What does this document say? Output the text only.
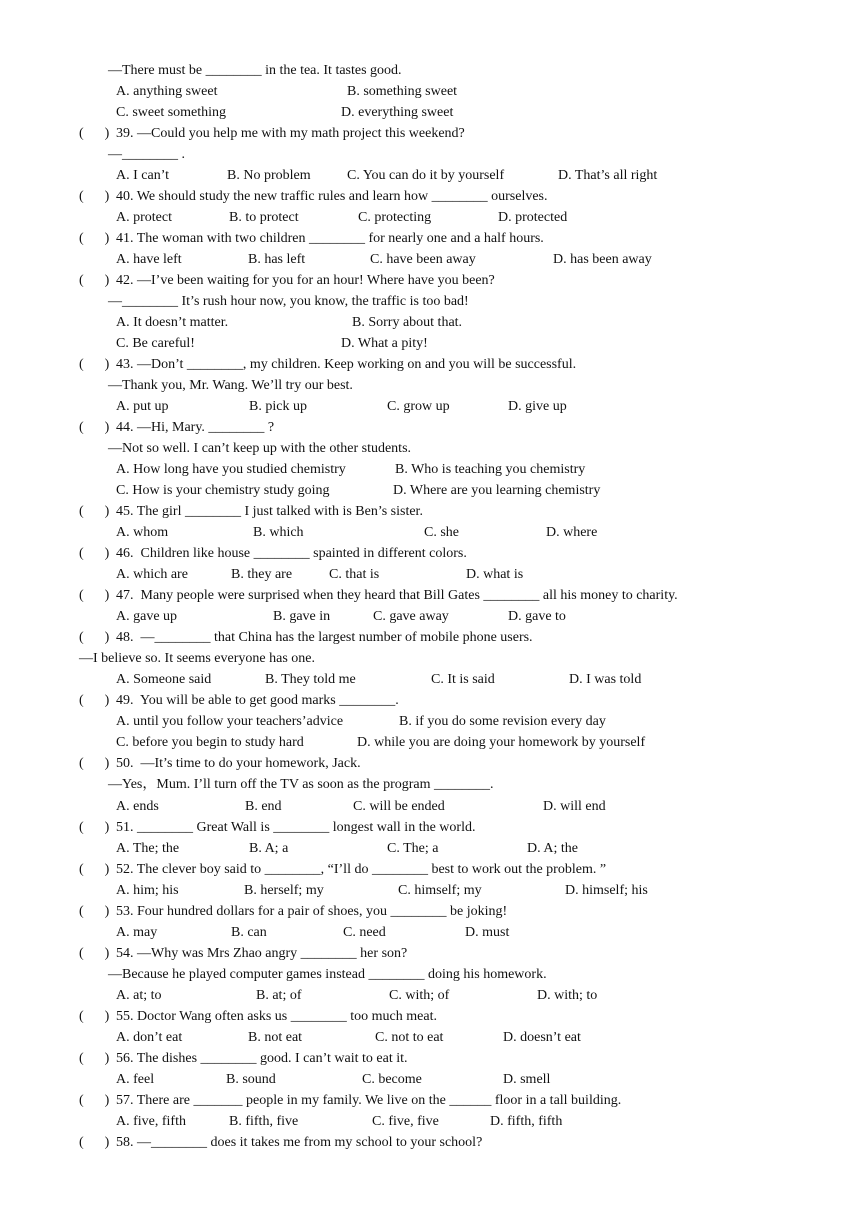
—There must be ________ in the tea. It tastes good.
A. anything sweet	B. something sweet
C. sweet something	D. everything sweet
(  ) 39. —Could you help me with my math project this weekend?
—________ .
A. I can’t	B. No problem	C. You can do it by yourself	D. That’s all right
(  ) 40. We should study the new traffic rules and learn how ________ ourselves.
A. protect	B. to protect	C. protecting	D. protected
(  ) 41. The woman with two children ________ for nearly one and a half hours.
A. have left	B. has left	C. have been away	D. has been away
(  ) 42. —I’ve been waiting for you for an hour! Where have you been?
—________ It’s rush hour now, you know, the traffic is too bad!
A. It doesn’t matter.	B. Sorry about that.
C. Be careful!	D. What a pity!
(  ) 43. —Don’t ________, my children. Keep working on and you will be successful.
—Thank you, Mr. Wang. We’ll try our best.
A. put up	B. pick up	C. grow up	D. give up
(  ) 44. —Hi, Mary. ________ ?
—Not so well. I can’t keep up with the other students.
A. How long have you studied chemistry	B. Who is teaching you chemistry
C. How is your chemistry study going	D. Where are you learning chemistry
(  ) 45. The girl ________ I just talked with is Ben’s sister.
A. whom	B. which	C. she	D. where
(  ) 46.  Children like house ________ spainted in different colors.
A. which are	B. they are	C. that is	D. what is
(  ) 47.  Many people were surprised when they heard that Bill Gates ________ all his money to charity.
A. gave up	B. gave in	C. gave away	D. gave to
(  ) 48.  —________ that China has the largest number of mobile phone users.
—I believe so. It seems everyone has one.
A. Someone said	B. They told me	C. It is said	D. I was told
(  ) 49.  You will be able to get good marks ________.
A. until you follow your teachers’advice	B. if you do some revision every day
C. before you begin to study hard	D. while you are doing your homework by yourself
(  ) 50.  —It’s time to do your homework, Jack.
—Yes，Mum. I’ll turn off the TV as soon as the program ________.
A. ends	B. end	C. will be ended	D. will end
(  ) 51. ________ Great Wall is ________ longest wall in the world.
A. The; the	B. A; a	C. The; a	D. A; the
(  ) 52. The clever boy said to ________, “I’ll do ________ best to work out the problem. ”
A. him; his	B. herself; my	C. himself; my	D. himself; his
(  ) 53. Four hundred dollars for a pair of shoes, you ________ be joking!
A. may	B. can	C. need	D. must
(  ) 54. —Why was Mrs Zhao angry ________ her son?
—Because he played computer games instead ________ doing his homework.
A. at; to	B. at; of	C. with; of	D. with; to
(  ) 55. Doctor Wang often asks us ________ too much meat.
A. don’t eat	B. not eat	C. not to eat	D. doesn’t eat
(  ) 56. The dishes ________ good. I can’t wait to eat it.
A. feel	B. sound	C. become	D. smell
(  ) 57. There are _______ people in my family. We live on the ______ floor in a tall building.
A. five, fifth	B. fifth, five	C. five, five	D. fifth, fifth
(  ) 58. —________ does it takes me from my school to your school?
